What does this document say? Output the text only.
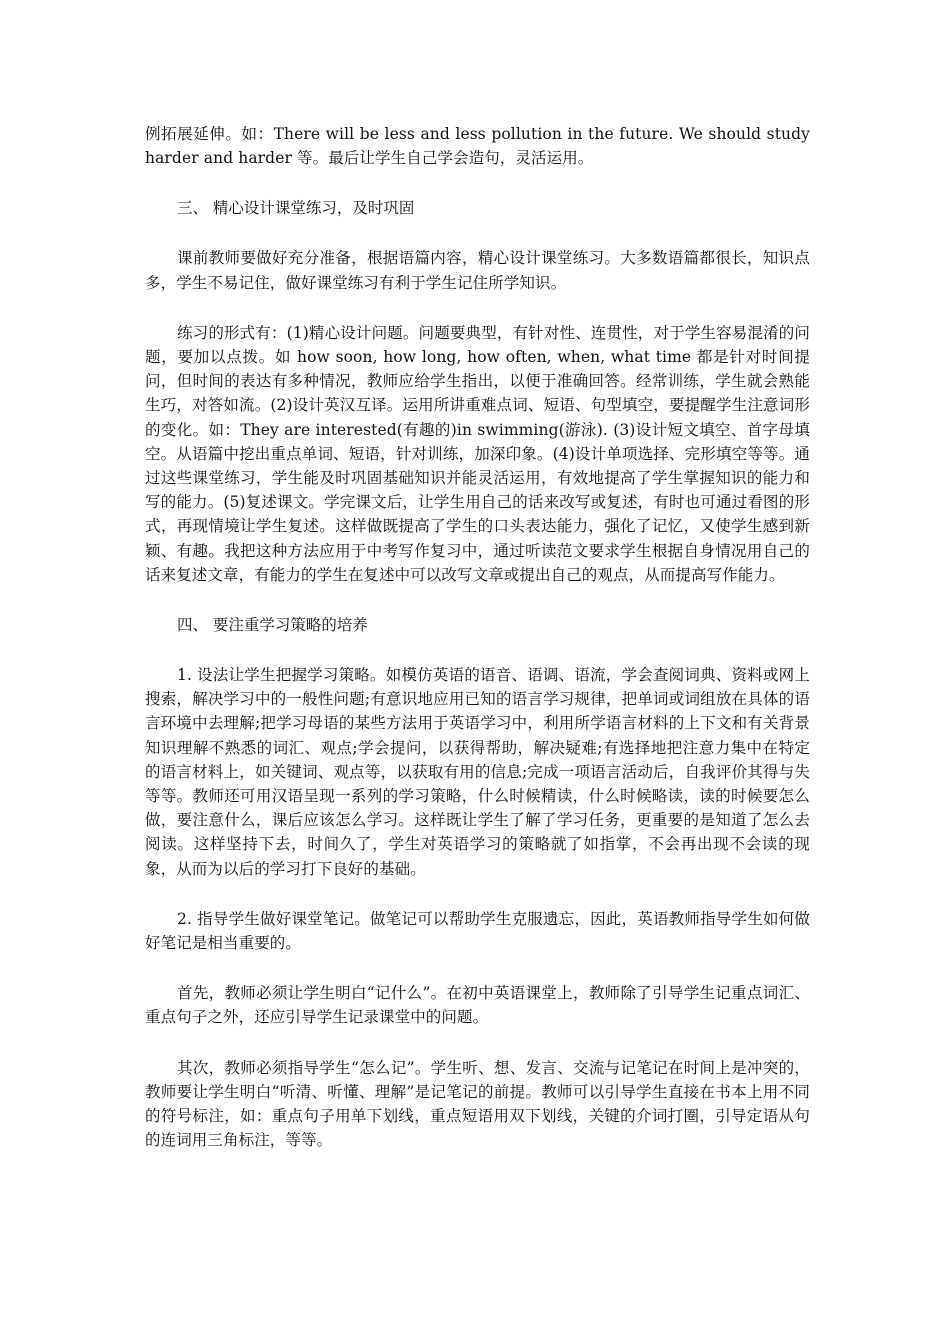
例拓展延伸。如：There will be less and less pollution in the future. We should study harder and harder 等。最后让学生自己学会造句，灵活运用。

三、 精心设计课堂练习，及时巩固

课前教师要做好充分准备，根据语篇内容，精心设计课堂练习。大多数语篇都很长，知识点多，学生不易记住，做好课堂练习有利于学生记住所学知识。

练习的形式有：(1)精心设计问题。问题要典型，有针对性、连贯性，对于学生容易混淆的问题，要加以点拨。如 how soon, how long, how often, when, what time 都是针对时间提问，但时间的表达有多种情况，教师应给学生指出，以便于准确回答。经常训练，学生就会熟能生巧，对答如流。(2)设计英汉互译。运用所讲重难点词、短语、句型填空，要提醒学生注意词形的变化。如：They are interested(有趣的)in swimming(游泳). (3)设计短文填空、首字母填空。从语篇中挖出重点单词、短语，针对训练，加深印象。(4)设计单项选择、完形填空等等。通过这些课堂练习，学生能及时巩固基础知识并能灵活运用，有效地提高了学生掌握知识的能力和写的能力。(5)复述课文。学完课文后，让学生用自己的话来改写或复述，有时也可通过看图的形式，再现情境让学生复述。这样做既提高了学生的口头表达能力，强化了记忆，又使学生感到新颖、有趣。我把这种方法应用于中考写作复习中，通过听读范文要求学生根据自身情况用自己的话来复述文章，有能力的学生在复述中可以改写文章或提出自己的观点，从而提高写作能力。

四、 要注重学习策略的培养

1. 设法让学生把握学习策略。如模仿英语的语音、语调、语流，学会查阅词典、资料或网上搜索，解决学习中的一般性问题;有意识地应用已知的语言学习规律，把单词或词组放在具体的语言环境中去理解;把学习母语的某些方法用于英语学习中，利用所学语言材料的上下文和有关背景知识理解不熟悉的词汇、观点;学会提问，以获得帮助，解决疑难;有选择地把注意力集中在特定的语言材料上，如关键词、观点等，以获取有用的信息;完成一项语言活动后，自我评价其得与失等等。教师还可用汉语呈现一系列的学习策略，什么时候精读，什么时候略读，读的时候要怎么做，要注意什么，课后应该怎么学习。这样既让学生了解了学习任务，更重要的是知道了怎么去阅读。这样坚持下去，时间久了，学生对英语学习的策略就了如指掌，不会再出现不会读的现象，从而为以后的学习打下良好的基础。

2. 指导学生做好课堂笔记。做笔记可以帮助学生克服遗忘，因此，英语教师指导学生如何做好笔记是相当重要的。

首先，教师必须让学生明白“记什么”。在初中英语课堂上，教师除了引导学生记重点词汇、重点句子之外，还应引导学生记录课堂中的问题。

其次，教师必须指导学生“怎么记”。学生听、想、发言、交流与记笔记在时间上是冲突的，教师要让学生明白“听清、听懂、理解”是记笔记的前提。教师可以引导学生直接在书本上用不同的符号标注，如：重点句子用单下划线，重点短语用双下划线，关键的介词打圈，引导定语从句的连词用三角标注，等等。
